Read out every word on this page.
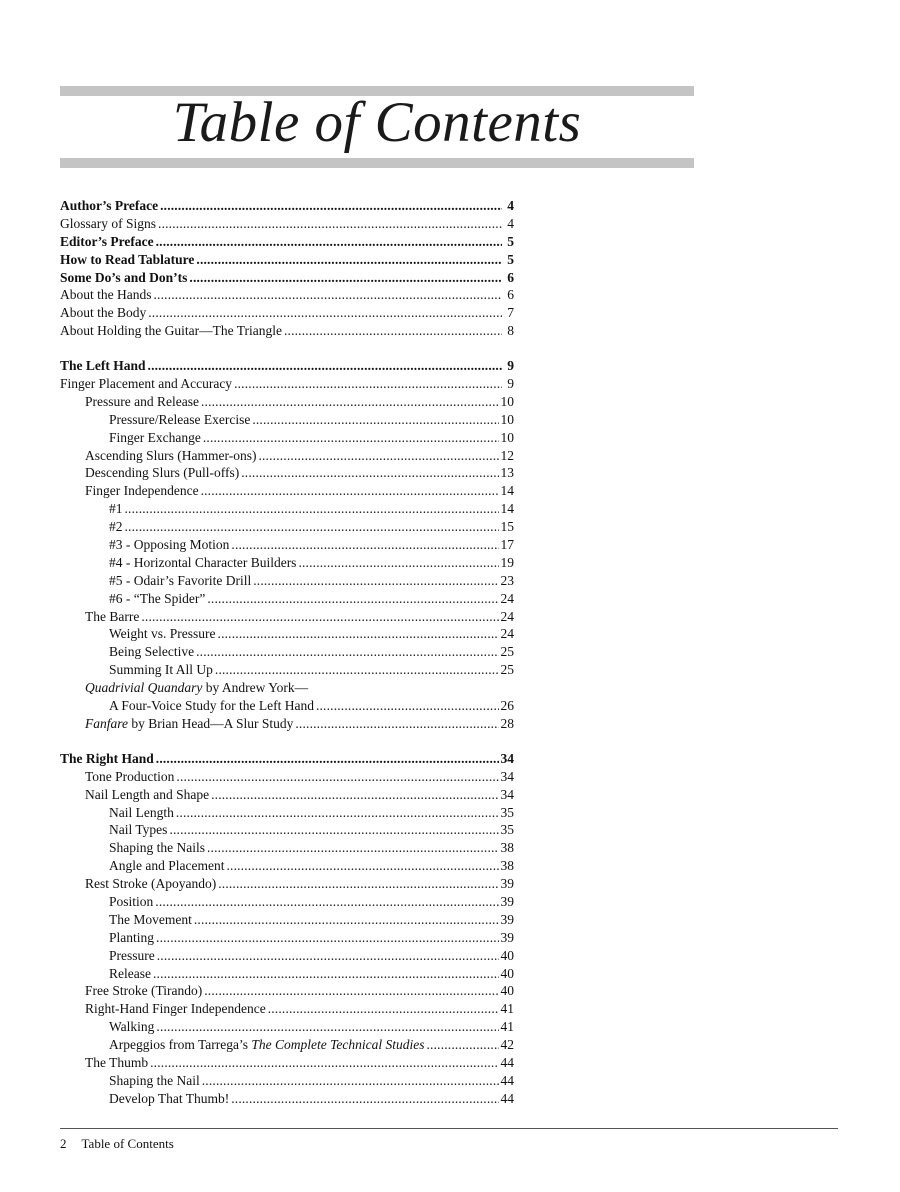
Table of Contents
Author’s Preface . . .	4
Glossary of Signs . . .	4
Editor’s Preface . . .	5
How to Read Tablature . . .	5
Some Do’s and Don’ts . . .	6
About the Hands . . .	6
About the Body . . .	7
About Holding the Guitar—The Triangle . . .	8
The Left Hand . . .	9
Finger Placement and Accuracy . . .	9
Pressure and Release . . .	10
Pressure/Release Exercise . . .	10
Finger Exchange . . .	10
Ascending Slurs (Hammer-ons) . . .	12
Descending Slurs (Pull-offs) . . .	13
Finger Independence . . .	14
#1 . . .	14
#2 . . .	15
#3 - Opposing Motion . . .	17
#4 - Horizontal Character Builders . . .	19
#5 - Odair’s Favorite Drill . . .	23
#6 - “The Spider” . . .	24
The Barre . . .	24
Weight vs. Pressure . . .	24
Being Selective . . .	25
Summing It All Up . . .	25
Quadrivial Quandary by Andrew York—
A Four-Voice Study for the Left Hand . . .	26
Fanfare by Brian Head—A Slur Study . . .	28
The Right Hand . . .	34
Tone Production . . .	34
Nail Length and Shape . . .	34
Nail Length . . .	35
Nail Types . . .	35
Shaping the Nails . . .	38
Angle and Placement . . .	38
Rest Stroke (Apoyando) . . .	39
Position . . .	39
The Movement . . .	39
Planting . . .	39
Pressure . . .	40
Release . . .	40
Free Stroke (Tirando) . . .	40
Right-Hand Finger Independence . . .	41
Walking . . .	41
Arpeggios from Tarrega’s The Complete Technical Studies . . .	42
The Thumb . . .	44
Shaping the Nail . . .	44
Develop That Thumb! . . .	44
2 Table of Contents
